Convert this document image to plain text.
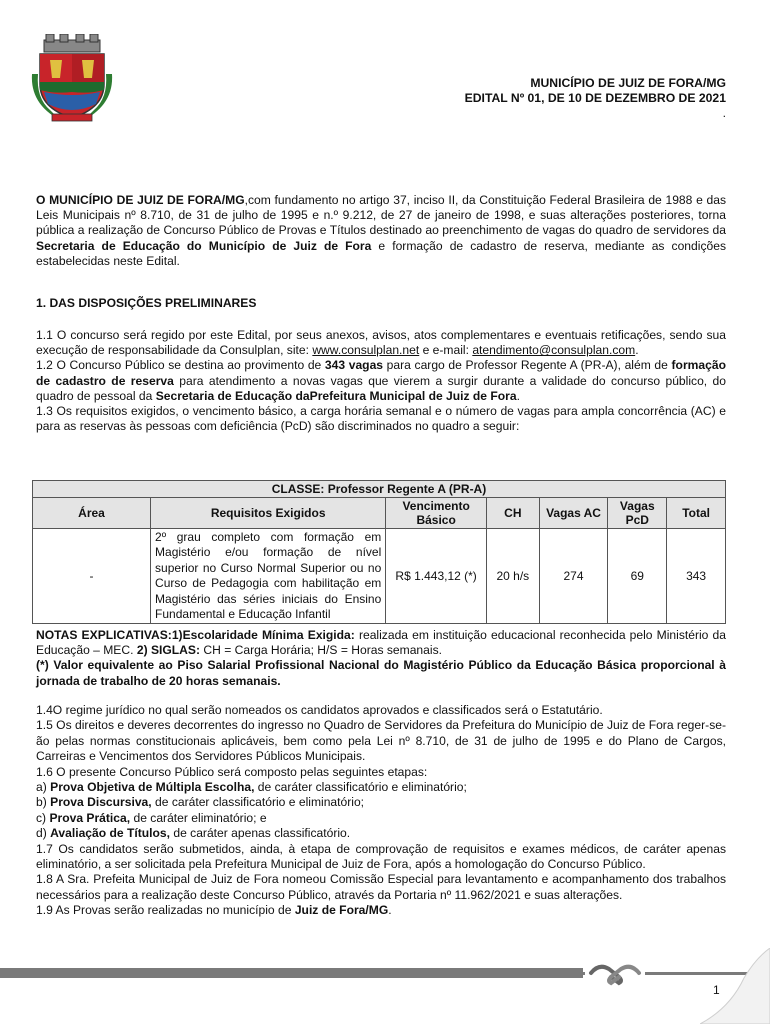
MUNICÍPIO DE JUIZ DE FORA/MG
EDITAL Nº 01, DE 10 DE DEZEMBRO DE 2021
.
O MUNICÍPIO DE JUIZ DE FORA/MG,com fundamento no artigo 37, inciso II, da Constituição Federal Brasileira de 1988 e das Leis Municipais nº 8.710, de 31 de julho de 1995 e n.º 9.212, de 27 de janeiro de 1998, e suas alterações posteriores, torna pública a realização de Concurso Público de Provas e Títulos destinado ao preenchimento de vagas do quadro de servidores da Secretaria de Educação do Município de Juiz de Fora e formação de cadastro de reserva, mediante as condições estabelecidas neste Edital.
1. DAS DISPOSIÇÕES PRELIMINARES
1.1 O concurso será regido por este Edital, por seus anexos, avisos, atos complementares e eventuais retificações, sendo sua execução de responsabilidade da Consulplan, site: www.consulplan.net e e-mail: atendimento@consulplan.com.
1.2 O Concurso Público se destina ao provimento de 343 vagas para cargo de Professor Regente A (PR-A), além de formação de cadastro de reserva para atendimento a novas vagas que vierem a surgir durante a validade do concurso público, do quadro de pessoal da Secretaria de Educação daPrefeitura Municipal de Juiz de Fora.
1.3 Os requisitos exigidos, o vencimento básico, a carga horária semanal e o número de vagas para ampla concorrência (AC) e para as reservas às pessoas com deficiência (PcD) são discriminados no quadro a seguir:
CLASSE: Professor Regente A (PR-A)						
Área	Requisitos Exigidos	Vencimento Básico	CH	Vagas AC	Vagas PcD	Total
-	2º grau completo com formação em Magistério e/ou formação de nível superior no Curso Normal Superior ou no Curso de Pedagogia com habilitação em Magistério das séries iniciais do Ensino Fundamental e Educação Infantil	R$ 1.443,12 (*)	20 h/s	274	69	343
NOTAS EXPLICATIVAS:1)Escolaridade Mínima Exigida: realizada em instituição educacional reconhecida pelo Ministério da Educação – MEC. 2) SIGLAS: CH = Carga Horária; H/S = Horas semanais.
(*) Valor equivalente ao Piso Salarial Profissional Nacional do Magistério Público da Educação Básica proporcional à jornada de trabalho de 20 horas semanais.
1.4O regime jurídico no qual serão nomeados os candidatos aprovados e classificados será o Estatutário.
1.5 Os direitos e deveres decorrentes do ingresso no Quadro de Servidores da Prefeitura do Município de Juiz de Fora reger-se-ão pelas normas constitucionais aplicáveis, bem como pela Lei nº 8.710, de 31 de julho de 1995 e do Plano de Cargos, Carreiras e Vencimentos dos Servidores Públicos Municipais.
1.6 O presente Concurso Público será composto pelas seguintes etapas:
a) Prova Objetiva de Múltipla Escolha, de caráter classificatório e eliminatório;
b) Prova Discursiva, de caráter classificatório e eliminatório;
c) Prova Prática, de caráter eliminatório; e
d) Avaliação de Títulos, de caráter apenas classificatório.
1.7 Os candidatos serão submetidos, ainda, à etapa de comprovação de requisitos e exames médicos, de caráter apenas eliminatório, a ser solicitada pela Prefeitura Municipal de Juiz de Fora, após a homologação do Concurso Público.
1.8 A Sra. Prefeita Municipal de Juiz de Fora nomeou Comissão Especial para levantamento e acompanhamento dos trabalhos necessários para a realização deste Concurso Público, através da Portaria nº 11.962/2021 e suas alterações.
1.9 As Provas serão realizadas no município de Juiz de Fora/MG.
1
